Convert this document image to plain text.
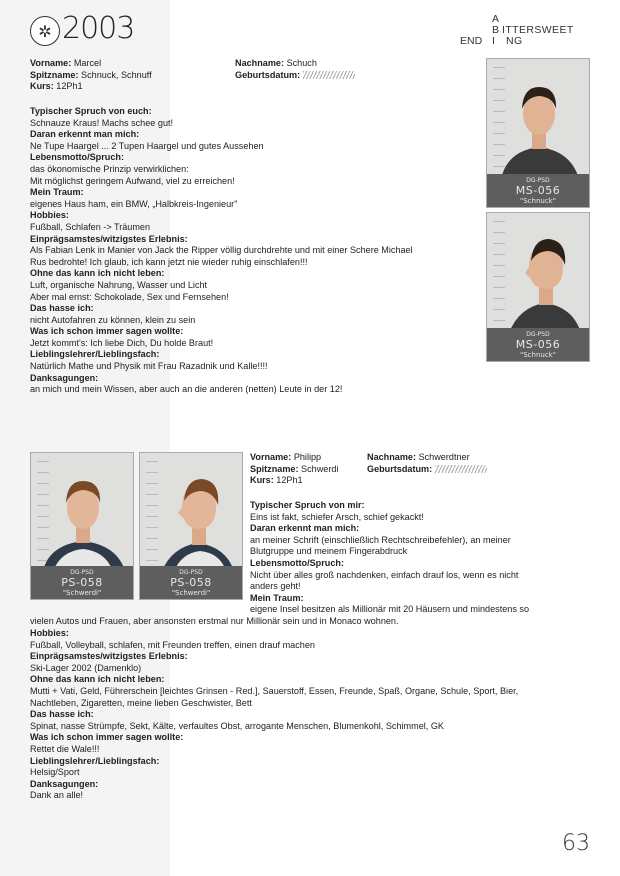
✲ 2003	A
B ITTERSWEET
END I NG
Vorname: Marcel	Nachname: Schuch
Spitzname: Schnuck, Schnuff	Geburtsdatum:
Kurs: 12Ph1
Typischer Spruch von euch:
Schnauze Kraus! Machs schee gut!
Daran erkennt man mich:
Ne Tupe Haargel ... 2 Tupen Haargel und gutes Aussehen
Lebensmotto/Spruch:
das ökonomische Prinzip verwirklichen:
Mit möglichst geringem Aufwand, viel zu erreichen!
Mein Traum:
eigenes Haus ham, ein BMW, „Halbkreis-Ingenieur"
Hobbies:
Fußball, Schlafen -> Träumen
Einprägsamstes/witzigstes Erlebnis:
Als Fabian Lenk in Manier von Jack the Ripper völlig durchdrehte und mit einer Schere Michael
Rus bedrohte! Ich glaub, ich kann jetzt nie wieder ruhig einschlafen!!!
Ohne das kann ich nicht leben:
Luft, organische Nahrung, Wasser und Licht
Aber mal ernst: Schokolade, Sex und Fernsehen!
Das hasse ich:
nicht Autofahren zu können, klein zu sein
Was ich schon immer sagen wollte:
Jetzt kommt's: Ich liebe Dich, Du holde Braut!
Lieblingslehrer/Lieblingsfach:
Natürlich Mathe und Physik mit Frau Razadnik und Kalle!!!!
Danksagungen:
an mich und mein Wissen, aber auch an die anderen (netten) Leute in der 12!
DG-PSD
MS-056
"Schnuck"
DG-PSD
MS-056
"Schnuck"
DG-PSD
PS-058
"Schwerdi"
DG-PSD
PS-058
"Schwerdi"
Vorname: Philipp	Nachname: Schwerdtner
Spitzname: Schwerdi	Geburtsdatum:
Kurs: 12Ph1
Typischer Spruch von mir:
Eins ist fakt, schiefer Arsch, schief gekackt!
Daran erkennt man mich:
an meiner Schrift (einschließlich Rechtschreibefehler), an meiner
Blutgruppe und meinem Fingerabdruck
Lebensmotto/Spruch:
Nicht über alles groß nachdenken, einfach drauf los, wenn es nicht
anders geht!
Mein Traum:
eigene Insel besitzen als Millionär mit 20 Häusern und mindestens so
vielen Autos und Frauen, aber ansonsten erstmal nur Millionär sein und in Monaco wohnen.
Hobbies:
Fußball, Volleyball, schlafen, mit Freunden treffen, einen drauf machen
Einprägsamstes/witzigstes Erlebnis:
Ski-Lager 2002 (Damenklo)
Ohne das kann ich nicht leben:
Mutti + Vati, Geld, Führerschein [leichtes Grinsen - Red.], Sauerstoff, Essen, Freunde, Spaß, Organe, Schule, Sport, Bier,
Nachtleben, Zigaretten, meine lieben Geschwister, Bett
Das hasse ich:
Spinat, nasse Strümpfe, Sekt, Kälte, verfaultes Obst, arrogante Menschen, Blumenkohl, Schimmel, GK
Was ich schon immer sagen wollte:
Rettet die Wale!!!
Lieblingslehrer/Lieblingsfach:
Helsig/Sport
Danksagungen:
Dank an alle!
63
